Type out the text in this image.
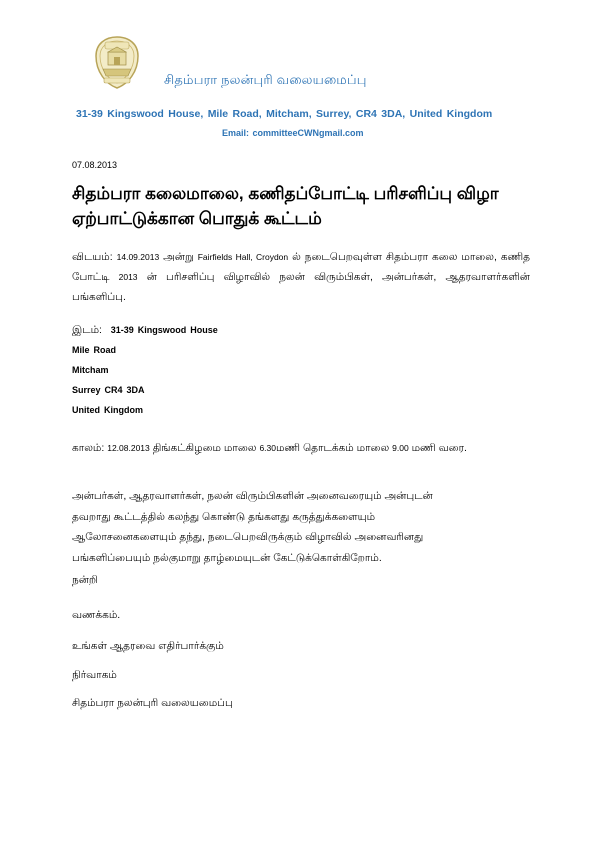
சிதம்பரா நலன்புரி வலையமைப்பு
31-39 Kingswood House, Mile Road, Mitcham, Surrey, CR4 3DA, United Kingdom
Email: committeeCWNgmail.com
07.08.2013
சிதம்பரா கலைமாலை, கணிதப்போட்டி பரிசளிப்பு விழா ஏற்பாட்டுக்கான பொதுக் கூட்டம்
விடயம்: 14.09.2013 அன்று Fairfields Hall, Croydon ல் நடைபெறவுள்ள சிதம்பரா கலை மாலை, கணித போட்டி 2013 ன் பரிசளிப்பு விழாவில் நலன் விரும்பிகள், அன்பர்கள், ஆதரவாளர்களின் பங்களிப்பு.
இடம்: 31-39 Kingswood House
Mile Road
Mitcham
Surrey CR4 3DA
United Kingdom
காலம்: 12.08.2013 திங்கட்கிழமை மாலை 6.30மணி தொடக்கம் மாலை 9.00 மணி வரை.
அன்பர்கள், ஆதரவாளர்கள், நலன் விரும்பிகளின் அனைவரையும் அன்புடன்
தவறாது கூட்டத்தில் கலந்து கொண்டு தங்களது கருத்துக்களையும்
ஆலோசனைகளையும் தந்து, நடைபெறவிருக்கும் விழாவில் அனைவரினது
பங்களிப்பையும் நல்குமாறு தாழ்மையுடன் கேட்டுக்கொள்கிறோம்.
நன்றி
வணக்கம்.
உங்கள் ஆதரவை எதிர்பார்க்கும்
நிர்வாகம்
சிதம்பரா நலன்புரி வலையமைப்பு
